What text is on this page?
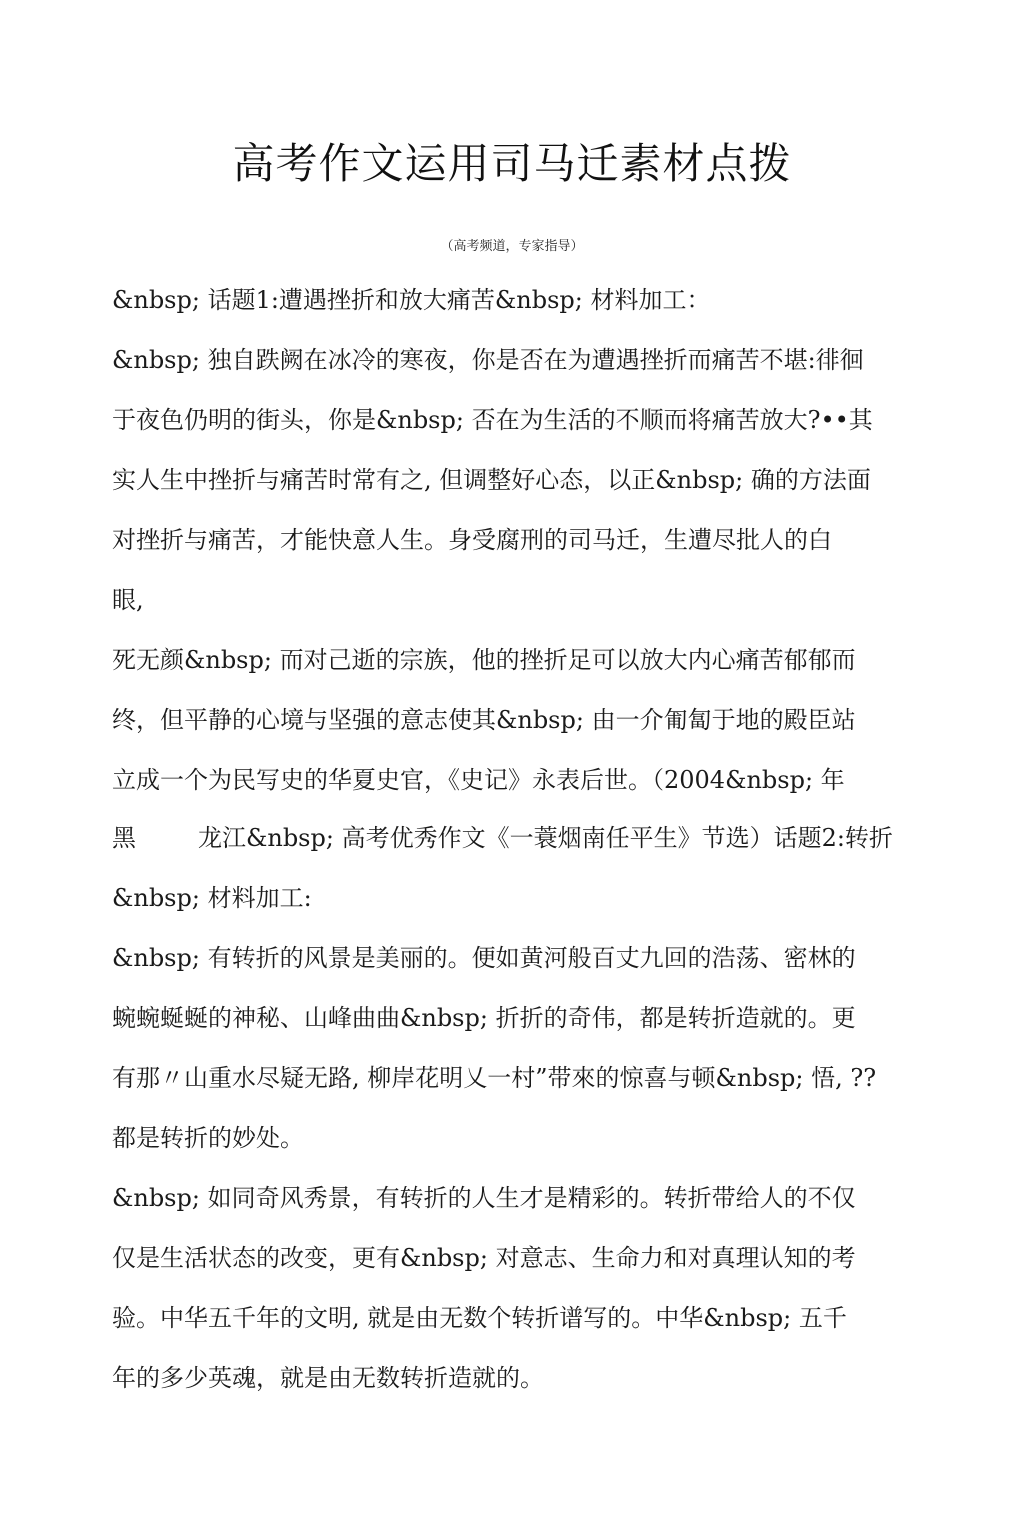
高考作文运用司马迁素材点拨
（高考频道，专家指导）
&nbsp; 话题1:遭遇挫折和放大痛苦&nbsp; 材料加工：
&nbsp; 独自跌阙在冰冷的寒夜，你是否在为遭遇挫折而痛苦不堪:徘徊
于夜色仍明的街头，你是&nbsp; 否在为生活的不顺而将痛苦放大?••其
实人生中挫折与痛苦时常有之, 但调整好心态，以正&nbsp; 确的方法面
对挫折与痛苦，才能快意人生。身受腐刑的司马迁，生遭尽批人的白
眼,
死无颜&nbsp; 而对己逝的宗族，他的挫折足可以放大内心痛苦郁郁而
终，但平静的心境与坚强的意志使其&nbsp; 由一介匍匐于地的殿臣站
立成一个为民写史的华夏史官，《史记》永表后世。（2004&nbsp; 年
黑	龙江&nbsp; 高考优秀作文《一蓑烟南任平生》节选）话题2:转折
&nbsp; 材料加工:
&nbsp; 有转折的风景是美丽的。便如黄河般百丈九回的浩荡、密林的
蜿蜿蜒蜒的神秘、山峰曲曲&nbsp; 折折的奇伟，都是转折造就的。更
有那〃山重水尽疑无路, 柳岸花明乂一村”带來的惊喜与顿&nbsp; 悟, ??
都是转折的妙处。
&nbsp; 如同奇风秀景，有转折的人生才是精彩的。转折带给人的不仅
仅是生活状态的改变，更有&nbsp; 对意志、生命力和对真理认知的考
验。中华五千年的文明, 就是由无数个转折谱写的。中华&nbsp; 五千
年的多少英魂，就是由无数转折造就的。
